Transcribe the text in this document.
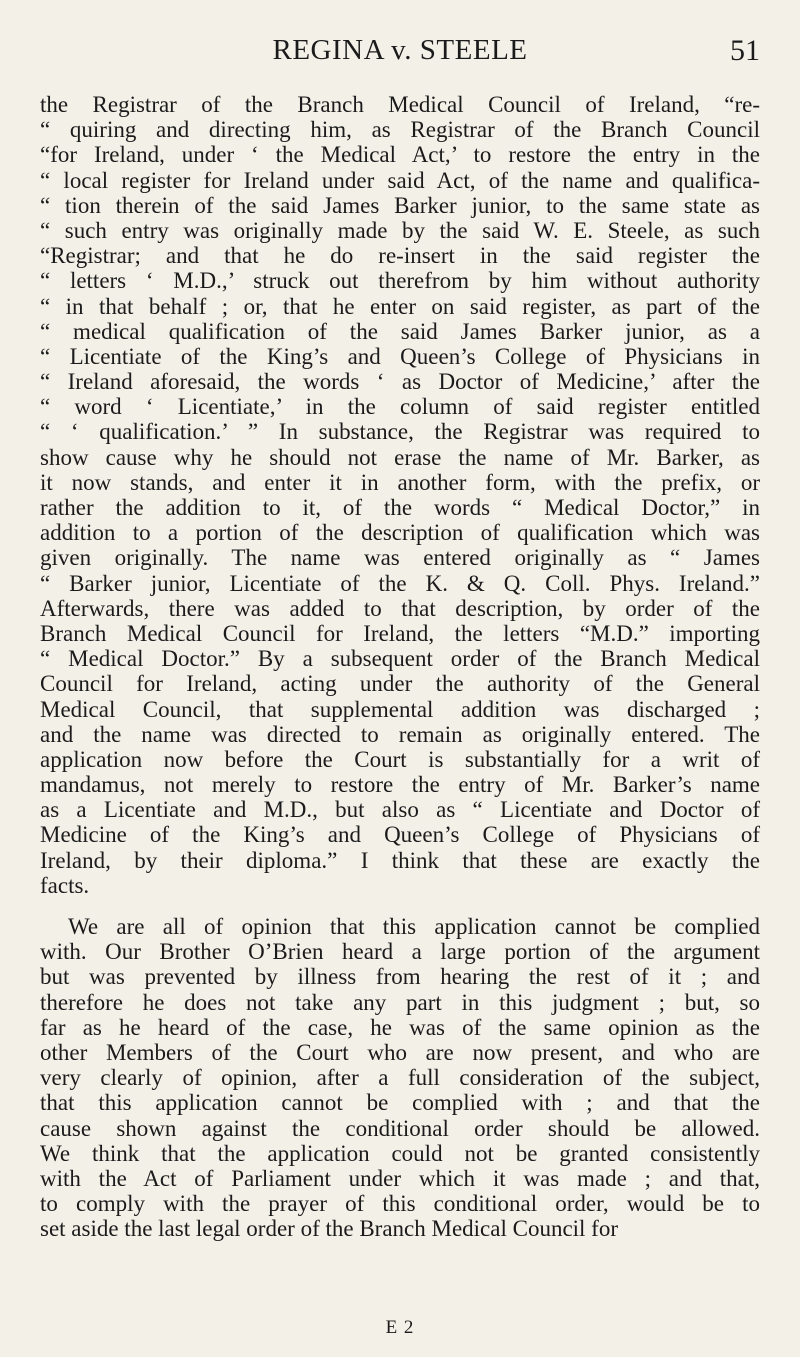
REGINA v. STEELE	51
the Registrar of the Branch Medical Council of Ireland, “re-
“ quiring and directing him, as Registrar of the Branch Council
“for Ireland, under ‘ the Medical Act,’ to restore the entry in the
“ local register for Ireland under said Act, of the name and qualifica-
“ tion therein of the said James Barker junior, to the same state as
“ such entry was originally made by the said W. E. Steele, as such
“Registrar; and that he do re-insert in the said register the
“ letters ‘ M.D.,’ struck out therefrom by him without authority
“ in that behalf ; or, that he enter on said register, as part of the
“ medical qualification of the said James Barker junior, as a
“ Licentiate of the King’s and Queen’s College of Physicians in
“ Ireland aforesaid, the words ‘ as Doctor of Medicine,’ after the
“ word ‘ Licentiate,’ in the column of said register entitled
“ ‘ qualification.’ ” In substance, the Registrar was required to
show cause why he should not erase the name of Mr. Barker, as
it now stands, and enter it in another form, with the prefix, or
rather the addition to it, of the words “ Medical Doctor,” in
addition to a portion of the description of qualification which was
given originally. The name was entered originally as “ James
“ Barker junior, Licentiate of the K. & Q. Coll. Phys. Ireland.”
Afterwards, there was added to that description, by order of the
Branch Medical Council for Ireland, the letters “M.D.” importing
“ Medical Doctor.” By a subsequent order of the Branch Medical
Council for Ireland, acting under the authority of the General
Medical Council, that supplemental addition was discharged ;
and the name was directed to remain as originally entered. The
application now before the Court is substantially for a writ of
mandamus, not merely to restore the entry of Mr. Barker’s name
as a Licentiate and M.D., but also as “ Licentiate and Doctor of
Medicine of the King’s and Queen’s College of Physicians of
Ireland, by their diploma.” I think that these are exactly the
facts.
We are all of opinion that this application cannot be complied
with. Our Brother O’Brien heard a large portion of the argument
but was prevented by illness from hearing the rest of it ; and
therefore he does not take any part in this judgment ; but, so
far as he heard of the case, he was of the same opinion as the
other Members of the Court who are now present, and who are
very clearly of opinion, after a full consideration of the subject,
that this application cannot be complied with ; and that the
cause shown against the conditional order should be allowed.
We think that the application could not be granted consistently
with the Act of Parliament under which it was made ; and that,
to comply with the prayer of this conditional order, would be to
set aside the last legal order of the Branch Medical Council for
E 2
